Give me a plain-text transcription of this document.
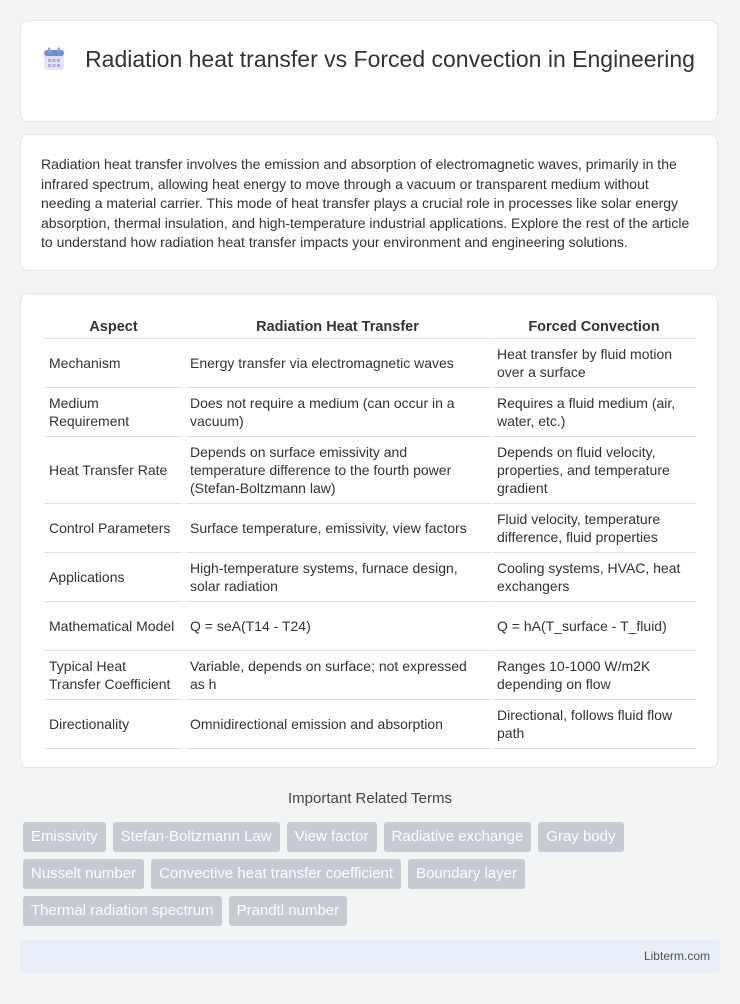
Radiation heat transfer vs Forced convection in Engineering

Radiation heat transfer involves the emission and absorption of electromagnetic waves, primarily in the infrared spectrum, allowing heat energy to move through a vacuum or transparent medium without needing a material carrier. This mode of heat transfer plays a crucial role in processes like solar energy absorption, thermal insulation, and high-temperature industrial applications. Explore the rest of the article to understand how radiation heat transfer impacts your environment and engineering solutions.

Aspect	Radiation Heat Transfer	Forced Convection
Mechanism	Energy transfer via electromagnetic waves	Heat transfer by fluid motion over a surface
Medium Requirement	Does not require a medium (can occur in a vacuum)	Requires a fluid medium (air, water, etc.)
Heat Transfer Rate	Depends on surface emissivity and temperature difference to the fourth power (Stefan-Boltzmann law)	Depends on fluid velocity, properties, and temperature gradient
Control Parameters	Surface temperature, emissivity, view factors	Fluid velocity, temperature difference, fluid properties
Applications	High-temperature systems, furnace design, solar radiation	Cooling systems, HVAC, heat exchangers
Mathematical Model	Q = seA(T14 - T24)	Q = hA(T_surface - T_fluid)
Typical Heat Transfer Coefficient	Variable, depends on surface; not expressed as h	Ranges 10-1000 W/m2K depending on flow
Directionality	Omnidirectional emission and absorption	Directional, follows fluid flow path
Important Related Terms
Emissivity	Stefan-Boltzmann Law	View factor	Radiative exchange	Gray body
Nusselt number	Convective heat transfer coefficient	Boundary layer
Thermal radiation spectrum	Prandtl number
Libterm.com
